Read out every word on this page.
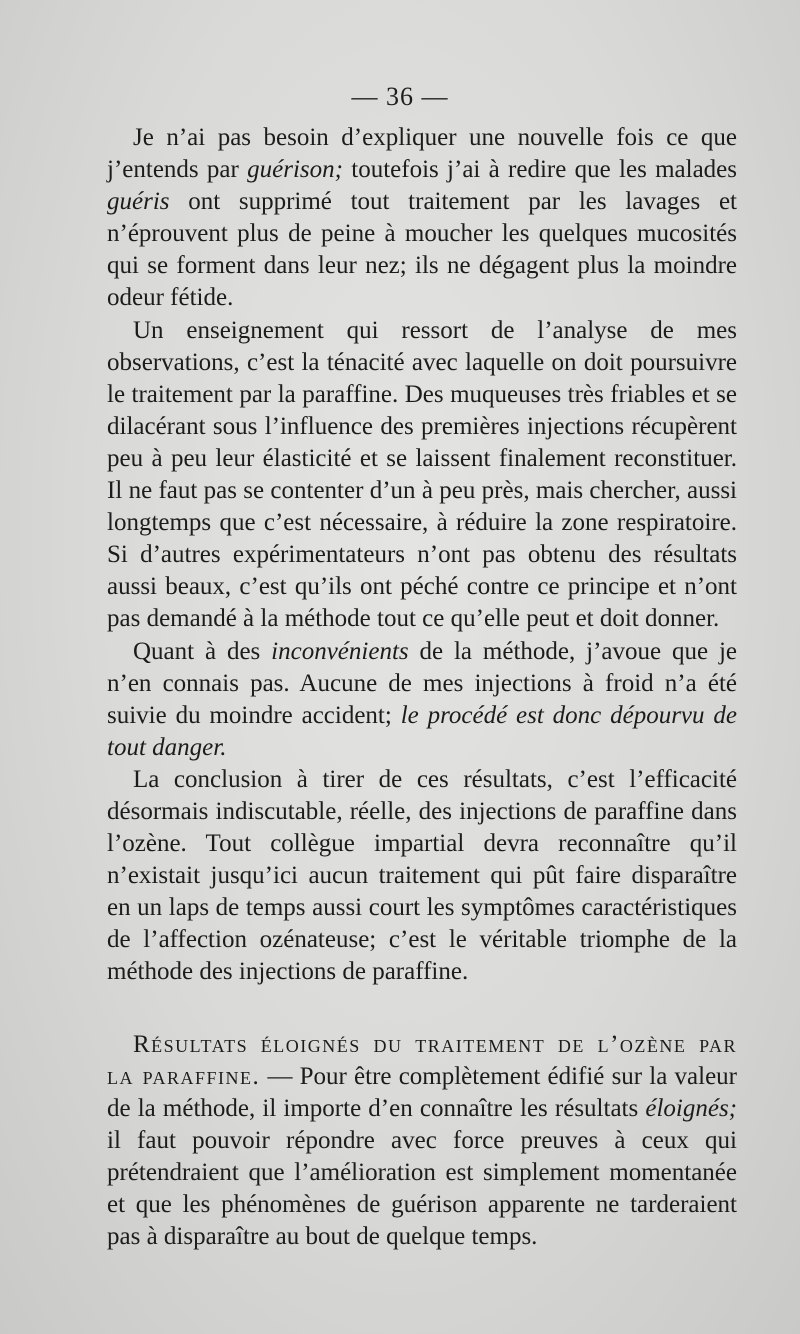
— 36 —

Je n’ai pas besoin d’expliquer une nouvelle fois ce que j’entends par guérison; toutefois j’ai à redire que les malades guéris ont supprimé tout traitement par les lavages et n’éprouvent plus de peine à moucher les quelques mucosités qui se forment dans leur nez; ils ne dégagent plus la moindre odeur fétide.

Un enseignement qui ressort de l’analyse de mes observations, c’est la ténacité avec laquelle on doit poursuivre le traitement par la paraffine. Des muqueuses très friables et se dilacérant sous l’influence des premières injections récupèrent peu à peu leur élasticité et se laissent finalement reconstituer. Il ne faut pas se contenter d’un à peu près, mais chercher, aussi longtemps que c’est nécessaire, à réduire la zone respiratoire. Si d’autres expérimentateurs n’ont pas obtenu des résultats aussi beaux, c’est qu’ils ont péché contre ce principe et n’ont pas demandé à la méthode tout ce qu’elle peut et doit donner.

Quant à des inconvénients de la méthode, j’avoue que je n’en connais pas. Aucune de mes injections à froid n’a été suivie du moindre accident; le procédé est donc dépourvu de tout danger.

La conclusion à tirer de ces résultats, c’est l’efficacité désormais indiscutable, réelle, des injections de paraffine dans l’ozène. Tout collègue impartial devra reconnaître qu’il n’existait jusqu’ici aucun traitement qui pût faire disparaître en un laps de temps aussi court les symptômes caractéristiques de l’affection ozénateuse; c’est le véritable triomphe de la méthode des injections de paraffine.

Résultats éloignés du traitement de l’ozène par la paraffine. — Pour être complètement édifié sur la valeur de la méthode, il importe d’en connaître les résultats éloignés; il faut pouvoir répondre avec force preuves à ceux qui prétendraient que l’amélioration est simplement momentanée et que les phénomènes de guérison apparente ne tarderaient pas à disparaître au bout de quelque temps.
